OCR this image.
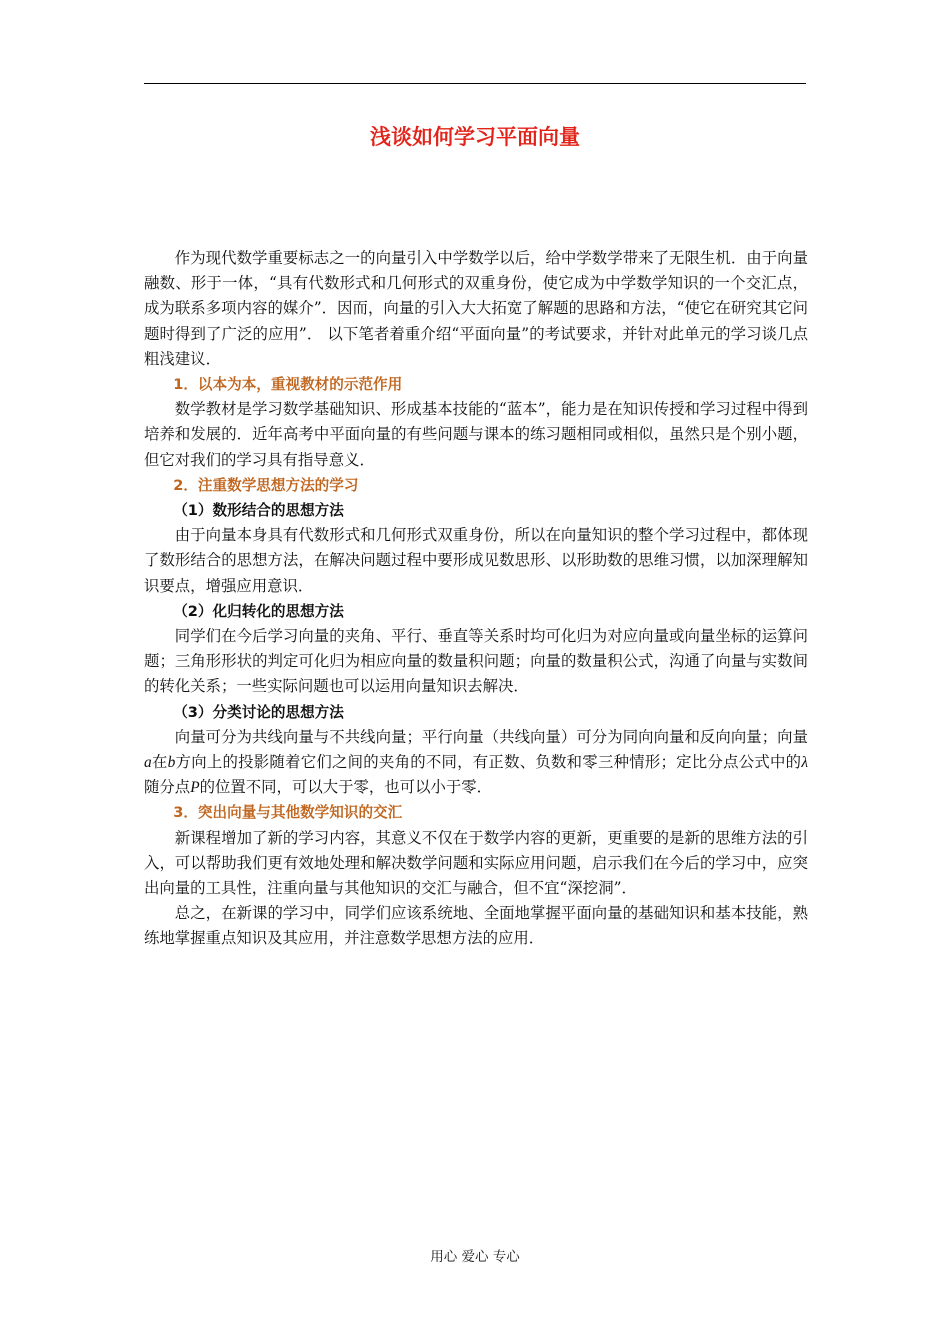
浅谈如何学习平面向量

作为现代数学重要标志之一的向量引入中学数学以后，给中学数学带来了无限生机．由于向量融数、形于一体，“具有代数形式和几何形式的双重身份，使它成为中学数学知识的一个交汇点，成为联系多项内容的媒介”．因而，向量的引入大大拓宽了解题的思路和方法，“使它在研究其它问题时得到了广泛的应用”． 以下笔者着重介绍“平面向量”的考试要求，并针对此单元的学习谈几点粗浅建议．

1．以本为本，重视教材的示范作用

数学教材是学习数学基础知识、形成基本技能的“蓝本”，能力是在知识传授和学习过程中得到培养和发展的．近年高考中平面向量的有些问题与课本的练习题相同或相似，虽然只是个别小题，但它对我们的学习具有指导意义．

2．注重数学思想方法的学习

（1）数形结合的思想方法

由于向量本身具有代数形式和几何形式双重身份，所以在向量知识的整个学习过程中，都体现了数形结合的思想方法，在解决问题过程中要形成见数思形、以形助数的思维习惯，以加深理解知识要点，增强应用意识．

（2）化归转化的思想方法

同学们在今后学习向量的夹角、平行、垂直等关系时均可化归为对应向量或向量坐标的运算问题；三角形形状的判定可化归为相应向量的数量积问题；向量的数量积公式，沟通了向量与实数间的转化关系；一些实际问题也可以运用向量知识去解决．

（3）分类讨论的思想方法

向量可分为共线向量与不共线向量；平行向量（共线向量）可分为同向向量和反向向量；向量a在b方向上的投影随着它们之间的夹角的不同，有正数、负数和零三种情形；定比分点公式中的λ随分点P的位置不同，可以大于零，也可以小于零．

3．突出向量与其他数学知识的交汇

新课程增加了新的学习内容，其意义不仅在于数学内容的更新，更重要的是新的思维方法的引入，可以帮助我们更有效地处理和解决数学问题和实际应用问题，启示我们在今后的学习中，应突出向量的工具性，注重向量与其他知识的交汇与融合，但不宜“深挖洞”．

总之，在新课的学习中，同学们应该系统地、全面地掌握平面向量的基础知识和基本技能，熟练地掌握重点知识及其应用，并注意数学思想方法的应用．

用心 爱心 专心
